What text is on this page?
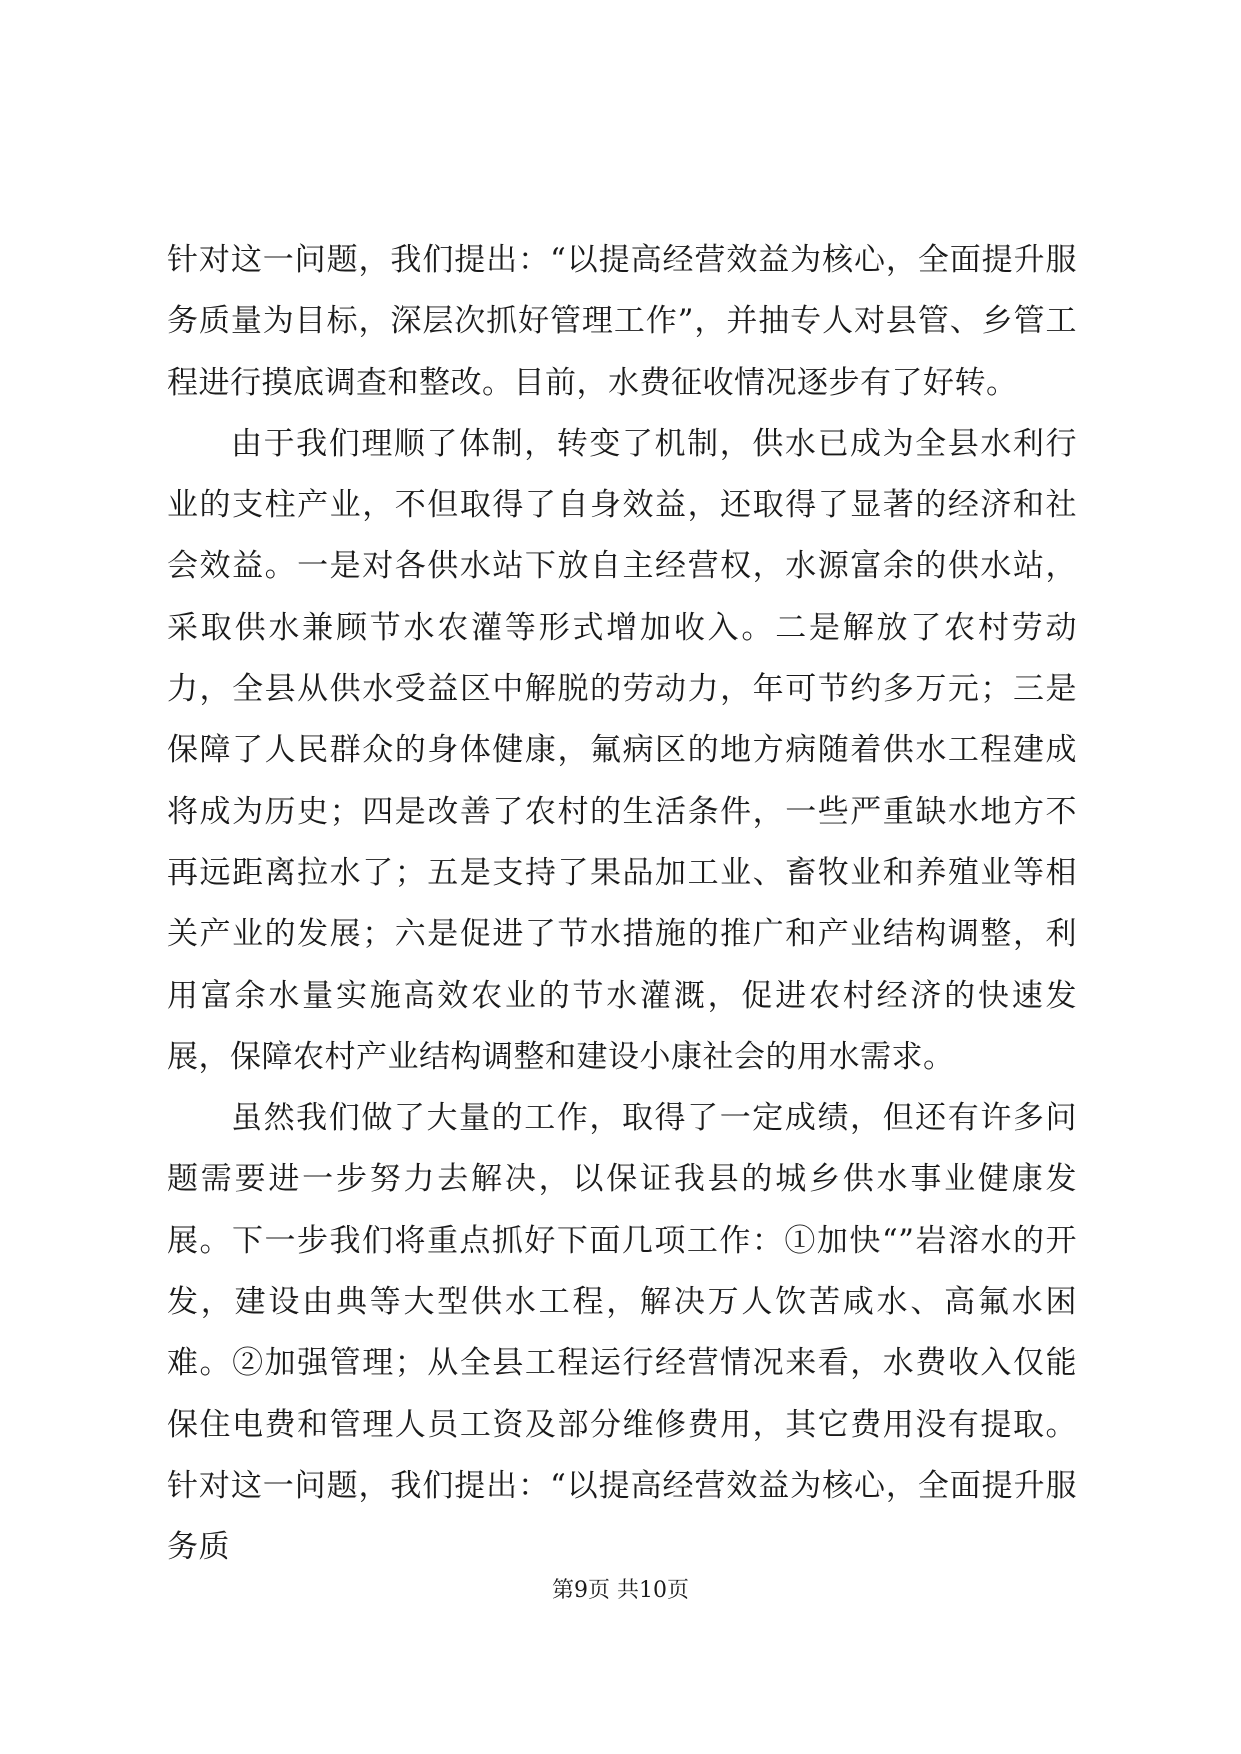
针对这一问题，我们提出：“以提高经营效益为核心，全面提升服务质量为目标，深层次抓好管理工作”，并抽专人对县管、乡管工程进行摸底调查和整改。目前，水费征收情况逐步有了好转。

由于我们理顺了体制，转变了机制，供水已成为全县水利行业的支柱产业，不但取得了自身效益，还取得了显著的经济和社会效益。一是对各供水站下放自主经营权，水源富余的供水站，采取供水兼顾节水农灌等形式增加收入。二是解放了农村劳动力，全县从供水受益区中解脱的劳动力，年可节约多万元；三是保障了人民群众的身体健康，氟病区的地方病随着供水工程建成将成为历史；四是改善了农村的生活条件，一些严重缺水地方不再远距离拉水了；五是支持了果品加工业、畜牧业和养殖业等相关产业的发展；六是促进了节水措施的推广和产业结构调整，利用富余水量实施高效农业的节水灌溉，促进农村经济的快速发展，保障农村产业结构调整和建设小康社会的用水需求。

虽然我们做了大量的工作，取得了一定成绩，但还有许多问题需要进一步努力去解决，以保证我县的城乡供水事业健康发展。下一步我们将重点抓好下面几项工作：①加快“”岩溶水的开发，建设由典等大型供水工程，解决万人饮苦咸水、高氟水困难。②加强管理；从全县工程运行经营情况来看，水费收入仅能保住电费和管理人员工资及部分维修费用，其它费用没有提取。针对这一问题，我们提出：“以提高经营效益为核心，全面提升服务质

第9页 共10页
